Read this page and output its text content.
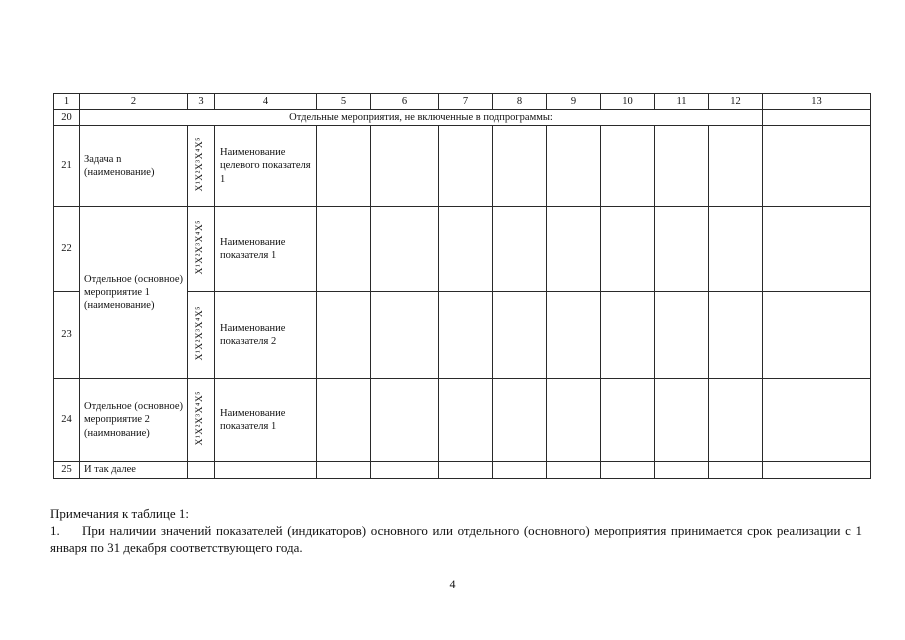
1	2	3	4	5	6	7	8	9	10	11	12	13
20	Отдельные мероприятия, не включенные в подпрограммы:											
21	Задача n (наименование)	X¹X²X³X⁴X⁵	Наименование целевого показателя 1									
22	Отдельное (основное) мероприятие 1 (наименование)	X¹X²X³X⁴X⁵	Наименование показателя 1									
23		X¹X²X³X⁴X⁵	Наименование показателя 2									
24	Отдельное (основное) мероприятие 2 (наимнование)	X¹X²X³X⁴X⁵	Наименование показателя 1									
25	И так далее											
Примечания к таблице 1:
1. При наличии значений показателей (индикаторов) основного или отдельного (основного) мероприятия принимается срок реализации с 1 января по 31 декабря соответствующего года.
4
